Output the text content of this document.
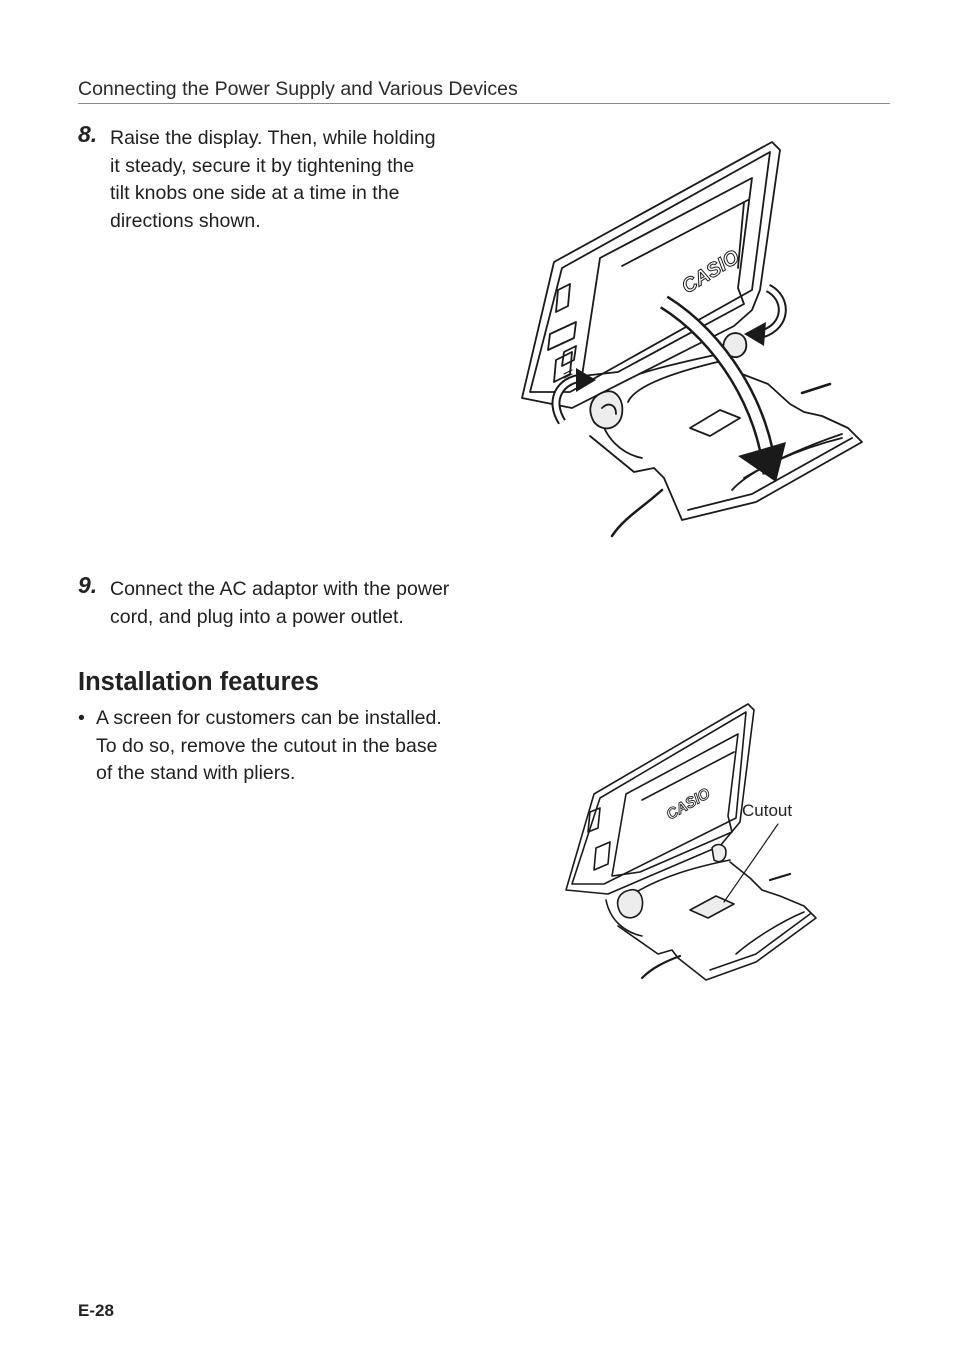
Connecting the Power Supply and Various Devices
8. Raise the display. Then, while holding
it steady, secure it by tightening the
tilt knobs one side at a time in the
directions shown.
CASIO
9. Connect the AC adaptor with the power
cord, and plug into a power outlet.
Installation features
• A screen for customers can be installed.
To do so, remove the cutout in the base
of the stand with pliers.
CASIO Cutout
E-28
